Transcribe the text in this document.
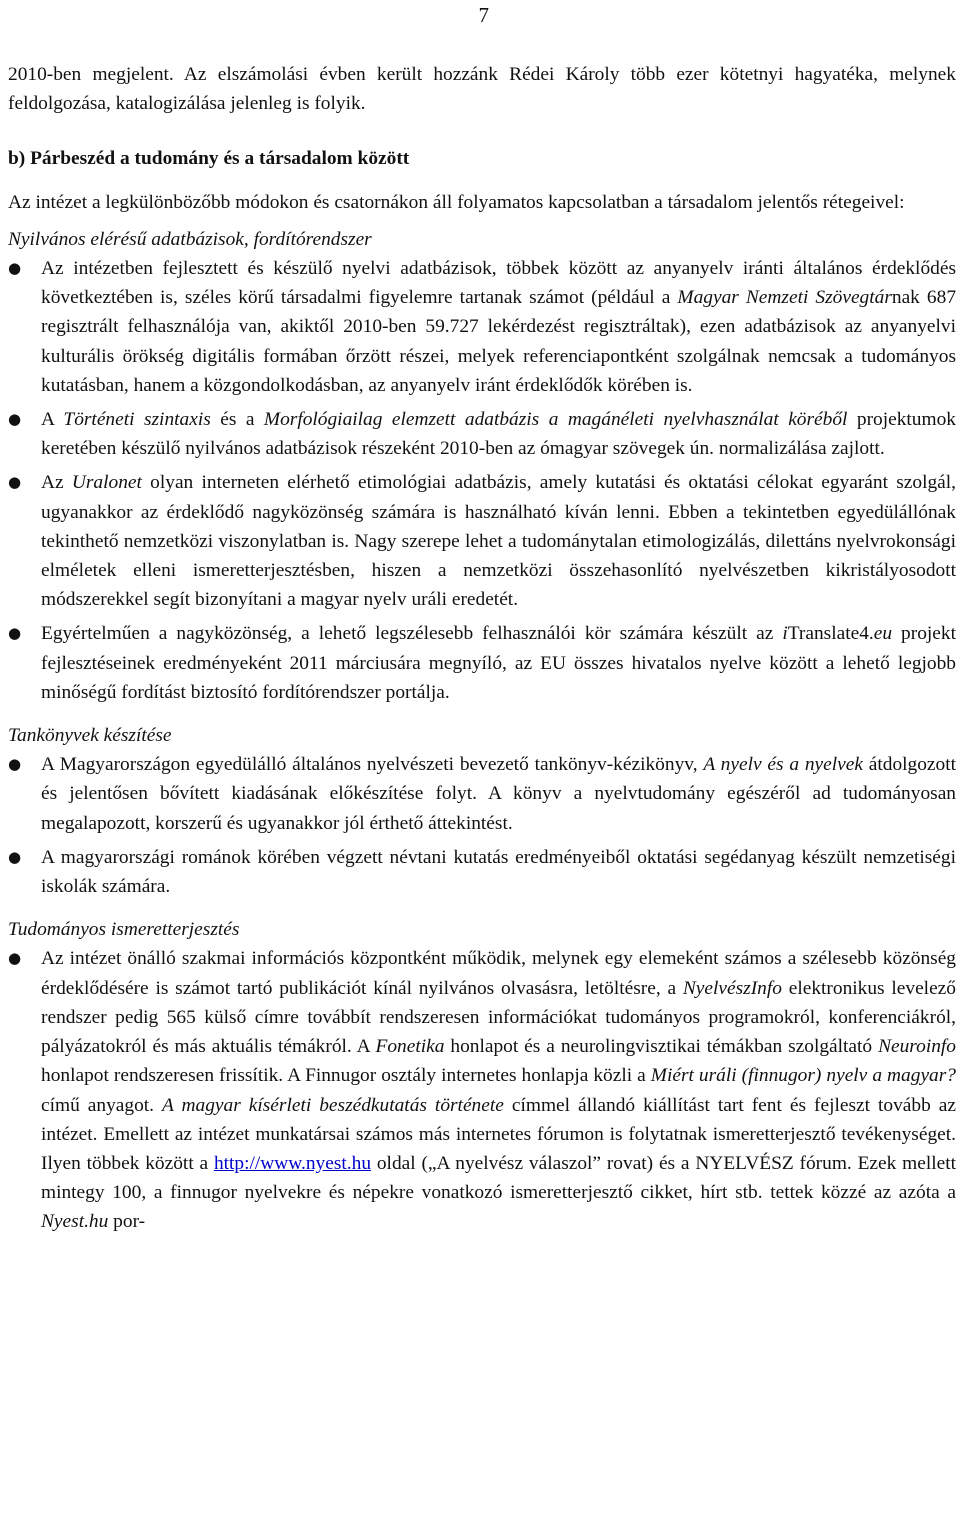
7

2010-ben megjelent. Az elszámolási évben került hozzánk Rédei Károly több ezer kötetnyi hagyatéka, melynek feldolgozása, katalogizálása jelenleg is folyik.

b) Párbeszéd a tudomány és a társadalom között

Az intézet a legkülönbözőbb módokon és csatornákon áll folyamatos kapcsolatban a társadalom jelentős rétegeivel:

Nyilvános elérésű adatbázisok, fordítórendszer

●	Az intézetben fejlesztett és készülő nyelvi adatbázisok, többek között az anyanyelv iránti általános érdeklődés következtében is, széles körű társadalmi figyelemre tartanak számot (például a Magyar Nemzeti Szövegtárnak 687 regisztrált felhasználója van, akiktől 2010-ben 59.727 lekérdezést regisztráltak), ezen adatbázisok az anyanyelvi kulturális örökség digitális formában őrzött részei, melyek referenciapontként szolgálnak nemcsak a tudományos kutatásban, hanem a közgondolkodásban, az anyanyelv iránt érdeklődők körében is.
●	A Történeti szintaxis és a Morfológiailag elemzett adatbázis a magánéleti nyelvhasználat köréből projektumok keretében készülő nyilvános adatbázisok részeként 2010-ben az ómagyar szövegek ún. normalizálása zajlott.
●	Az Uralonet olyan interneten elérhető etimológiai adatbázis, amely kutatási és oktatási célokat egyaránt szolgál, ugyanakkor az érdeklődő nagyközönség számára is használható kíván lenni. Ebben a tekintetben egyedülállónak tekinthető nemzetközi viszonylatban is. Nagy szerepe lehet a tudománytalan etimologizálás, dilettáns nyelvrokonsági elméletek elleni ismeretterjesztésben, hiszen a nemzetközi összehasonlító nyelvészetben kikristályosodott módszerekkel segít bizonyítani a magyar nyelv uráli eredetét.
●	Egyértelműen a nagyközönség, a lehető legszélesebb felhasználói kör számára készült az iTranslate4.eu projekt fejlesztéseinek eredményeként 2011 márciusára megnyíló, az EU összes hivatalos nyelve között a lehető legjobb minőségű fordítást biztosító fordítórendszer portálja.

Tankönyvek készítése

●	A Magyarországon egyedülálló általános nyelvészeti bevezető tankönyv-kézikönyv, A nyelv és a nyelvek átdolgozott és jelentősen bővített kiadásának előkészítése folyt. A könyv a nyelvtudomány egészéről ad tudományosan megalapozott, korszerű és ugyanakkor jól érthető áttekintést.
●	A magyarországi románok körében végzett névtani kutatás eredményeiből oktatási segédanyag készült nemzetiségi iskolák számára.

Tudományos ismeretterjesztés

●	Az intézet önálló szakmai információs központként működik, melynek egy elemeként számos a szélesebb közönség érdeklődésére is számot tartó publikációt kínál nyilvános olvasásra, letöltésre, a NyelvészInfo elektronikus levelező rendszer pedig 565 külső címre továbbít rendszeresen információkat tudományos programokról, konferenciákról, pályázatokról és más aktuális témákról. A Fonetika honlapot és a neurolingvisztikai témákban szolgáltató Neuroinfo honlapot rendszeresen frissítik. A Finnugor osztály internetes honlapja közli a Miért uráli (finnugor) nyelv a magyar? című anyagot. A magyar kísérleti beszédkutatás története címmel állandó kiállítást tart fent és fejleszt tovább az intézet. Emellett az intézet munkatársai számos más internetes fórumon is folytatnak ismeretterjesztő tevékenységet. Ilyen többek között a http://www.nyest.hu oldal („A nyelvész válaszol” rovat) és a NYELVÉSZ fórum. Ezek mellett mintegy 100, a finnugor nyelvekre és népekre vonatkozó ismeretterjesztő cikket, hírt stb. tettek közzé az azóta a Nyest.hu por-
